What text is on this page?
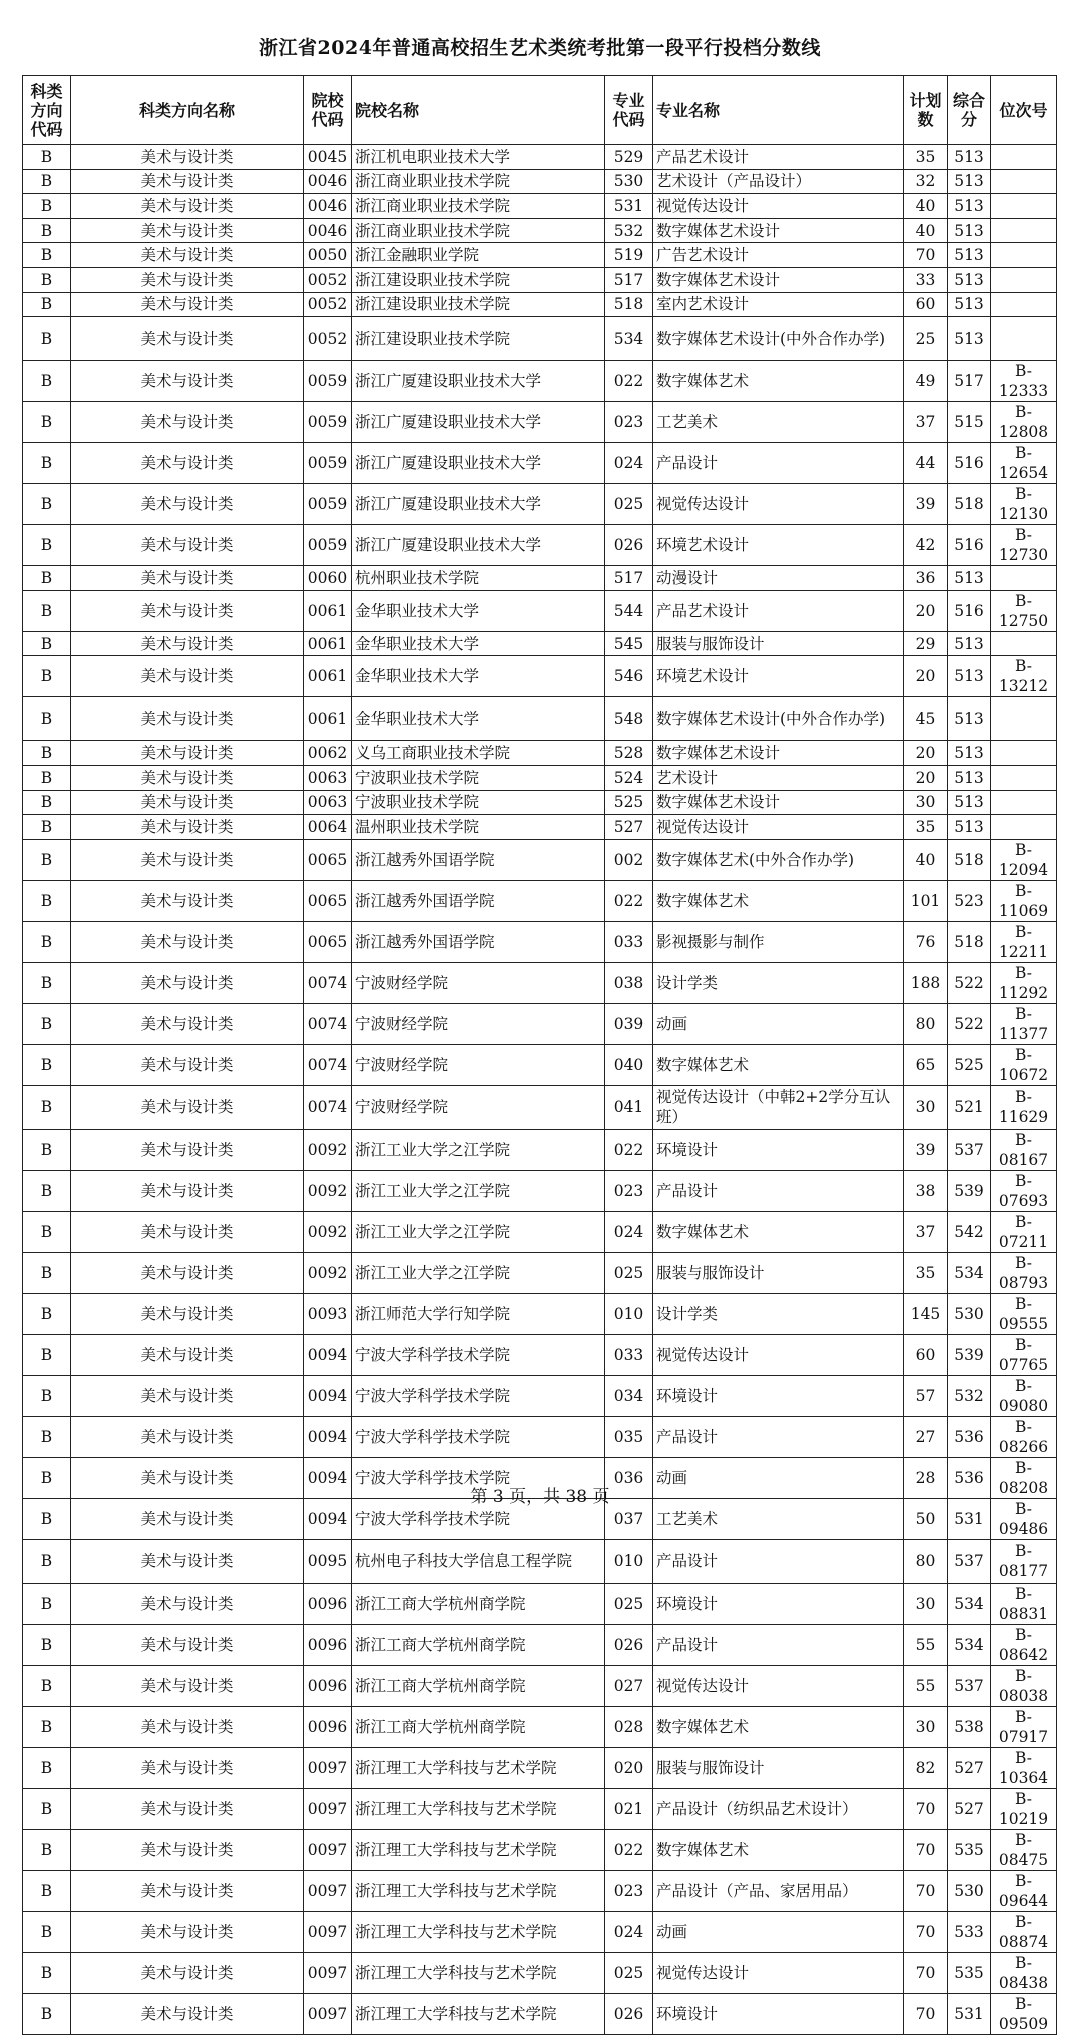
浙江省2024年普通高校招生艺术类统考批第一段平行投档分数线
科类方向代码	科类方向名称	院校代码	院校名称	专业代码	专业名称	计划数	综合分	位次号
B	美术与设计类	0045	浙江机电职业技术大学	529	产品艺术设计	35	513	
B	美术与设计类	0046	浙江商业职业技术学院	530	艺术设计（产品设计）	32	513	
B	美术与设计类	0046	浙江商业职业技术学院	531	视觉传达设计	40	513	
B	美术与设计类	0046	浙江商业职业技术学院	532	数字媒体艺术设计	40	513	
B	美术与设计类	0050	浙江金融职业学院	519	广告艺术设计	70	513	
B	美术与设计类	0052	浙江建设职业技术学院	517	数字媒体艺术设计	33	513	
B	美术与设计类	0052	浙江建设职业技术学院	518	室内艺术设计	60	513	
B	美术与设计类	0052	浙江建设职业技术学院	534	数字媒体艺术设计(中外合作办学)	25	513	
B	美术与设计类	0059	浙江广厦建设职业技术大学	022	数字媒体艺术	49	517	B-12333
B	美术与设计类	0059	浙江广厦建设职业技术大学	023	工艺美术	37	515	B-12808
B	美术与设计类	0059	浙江广厦建设职业技术大学	024	产品设计	44	516	B-12654
B	美术与设计类	0059	浙江广厦建设职业技术大学	025	视觉传达设计	39	518	B-12130
B	美术与设计类	0059	浙江广厦建设职业技术大学	026	环境艺术设计	42	516	B-12730
B	美术与设计类	0060	杭州职业技术学院	517	动漫设计	36	513	
B	美术与设计类	0061	金华职业技术大学	544	产品艺术设计	20	516	B-12750
B	美术与设计类	0061	金华职业技术大学	545	服装与服饰设计	29	513	
B	美术与设计类	0061	金华职业技术大学	546	环境艺术设计	20	513	B-13212
B	美术与设计类	0061	金华职业技术大学	548	数字媒体艺术设计(中外合作办学)	45	513	
B	美术与设计类	0062	义乌工商职业技术学院	528	数字媒体艺术设计	20	513	
B	美术与设计类	0063	宁波职业技术学院	524	艺术设计	20	513	
B	美术与设计类	0063	宁波职业技术学院	525	数字媒体艺术设计	30	513	
B	美术与设计类	0064	温州职业技术学院	527	视觉传达设计	35	513	
B	美术与设计类	0065	浙江越秀外国语学院	002	数字媒体艺术(中外合作办学)	40	518	B-12094
B	美术与设计类	0065	浙江越秀外国语学院	022	数字媒体艺术	101	523	B-11069
B	美术与设计类	0065	浙江越秀外国语学院	033	影视摄影与制作	76	518	B-12211
B	美术与设计类	0074	宁波财经学院	038	设计学类	188	522	B-11292
B	美术与设计类	0074	宁波财经学院	039	动画	80	522	B-11377
B	美术与设计类	0074	宁波财经学院	040	数字媒体艺术	65	525	B-10672
B	美术与设计类	0074	宁波财经学院	041	视觉传达设计（中韩2+2学分互认班）	30	521	B-11629
B	美术与设计类	0092	浙江工业大学之江学院	022	环境设计	39	537	B-08167
B	美术与设计类	0092	浙江工业大学之江学院	023	产品设计	38	539	B-07693
B	美术与设计类	0092	浙江工业大学之江学院	024	数字媒体艺术	37	542	B-07211
B	美术与设计类	0092	浙江工业大学之江学院	025	服装与服饰设计	35	534	B-08793
B	美术与设计类	0093	浙江师范大学行知学院	010	设计学类	145	530	B-09555
B	美术与设计类	0094	宁波大学科学技术学院	033	视觉传达设计	60	539	B-07765
B	美术与设计类	0094	宁波大学科学技术学院	034	环境设计	57	532	B-09080
B	美术与设计类	0094	宁波大学科学技术学院	035	产品设计	27	536	B-08266
B	美术与设计类	0094	宁波大学科学技术学院	036	动画	28	536	B-08208
B	美术与设计类	0094	宁波大学科学技术学院	037	工艺美术	50	531	B-09486
B	美术与设计类	0095	杭州电子科技大学信息工程学院	010	产品设计	80	537	B-08177
B	美术与设计类	0096	浙江工商大学杭州商学院	025	环境设计	30	534	B-08831
B	美术与设计类	0096	浙江工商大学杭州商学院	026	产品设计	55	534	B-08642
B	美术与设计类	0096	浙江工商大学杭州商学院	027	视觉传达设计	55	537	B-08038
B	美术与设计类	0096	浙江工商大学杭州商学院	028	数字媒体艺术	30	538	B-07917
B	美术与设计类	0097	浙江理工大学科技与艺术学院	020	服装与服饰设计	82	527	B-10364
B	美术与设计类	0097	浙江理工大学科技与艺术学院	021	产品设计（纺织品艺术设计）	70	527	B-10219
B	美术与设计类	0097	浙江理工大学科技与艺术学院	022	数字媒体艺术	70	535	B-08475
B	美术与设计类	0097	浙江理工大学科技与艺术学院	023	产品设计（产品、家居用品）	70	530	B-09644
B	美术与设计类	0097	浙江理工大学科技与艺术学院	024	动画	70	533	B-08874
B	美术与设计类	0097	浙江理工大学科技与艺术学院	025	视觉传达设计	70	535	B-08438
B	美术与设计类	0097	浙江理工大学科技与艺术学院	026	环境设计	70	531	B-09509
第 3 页，共 38 页
